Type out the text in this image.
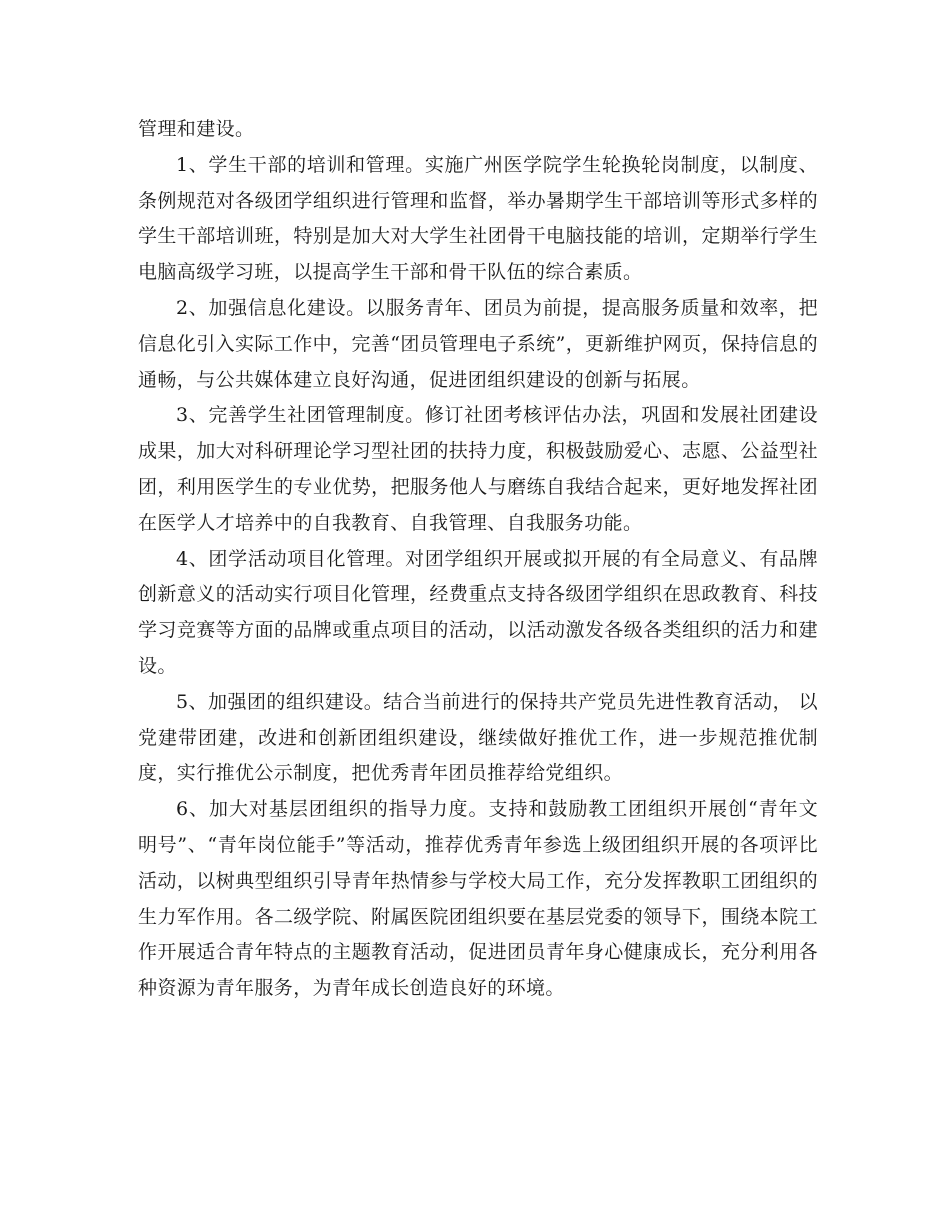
管理和建设。

1、学生干部的培训和管理。实施广州医学院学生轮换轮岗制度，以制度、条例规范对各级团学组织进行管理和监督，举办暑期学生干部培训等形式多样的学生干部培训班，特别是加大对大学生社团骨干电脑技能的培训，定期举行学生电脑高级学习班，以提高学生干部和骨干队伍的综合素质。

2、加强信息化建设。以服务青年、团员为前提，提高服务质量和效率，把信息化引入实际工作中，完善“团员管理电子系统”，更新维护网页，保持信息的通畅，与公共媒体建立良好沟通，促进团组织建设的创新与拓展。

3、完善学生社团管理制度。修订社团考核评估办法，巩固和发展社团建设成果，加大对科研理论学习型社团的扶持力度，积极鼓励爱心、志愿、公益型社团，利用医学生的专业优势，把服务他人与磨练自我结合起来，更好地发挥社团在医学人才培养中的自我教育、自我管理、自我服务功能。

4、团学活动项目化管理。对团学组织开展或拟开展的有全局意义、有品牌创新意义的活动实行项目化管理，经费重点支持各级团学组织在思政教育、科技学习竞赛等方面的品牌或重点项目的活动，以活动激发各级各类组织的活力和建设。

5、加强团的组织建设。结合当前进行的保持共产党员先进性教育活动， 以党建带团建，改进和创新团组织建设，继续做好推优工作，进一步规范推优制度，实行推优公示制度，把优秀青年团员推荐给党组织。

6、加大对基层团组织的指导力度。支持和鼓励教工团组织开展创“青年文明号”、“青年岗位能手”等活动，推荐优秀青年参选上级团组织开展的各项评比活动，以树典型组织引导青年热情参与学校大局工作，充分发挥教职工团组织的生力军作用。各二级学院、附属医院团组织要在基层党委的领导下，围绕本院工作开展适合青年特点的主题教育活动，促进团员青年身心健康成长，充分利用各种资源为青年服务，为青年成长创造良好的环境。
